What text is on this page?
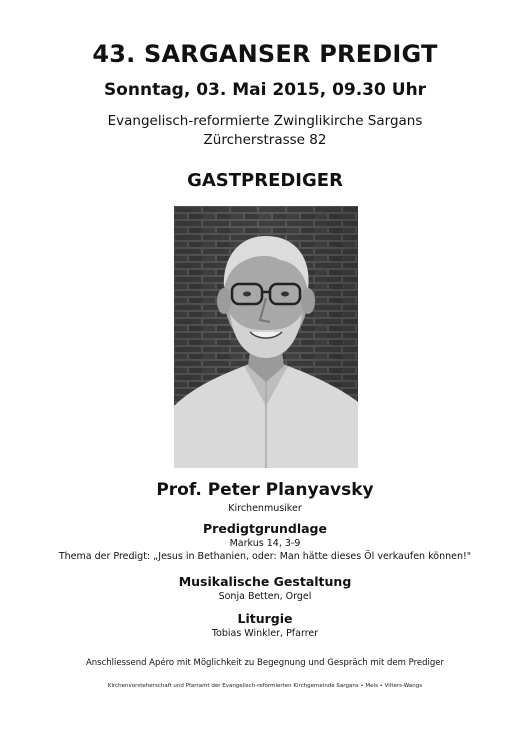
43. SARGANSER PREDIGT
Sonntag, 03. Mai 2015, 09.30 Uhr
Evangelisch-reformierte Zwinglikirche Sargans
Zürcherstrasse 82
GASTPREDIGER
Prof. Peter Planyavsky
Kirchenmusiker
Predigtgrundlage
Markus 14, 3-9
Thema der Predigt: „Jesus in Bethanien, oder: Man hätte dieses Öl verkaufen können!"
Musikalische Gestaltung
Sonja Betten, Orgel
Liturgie
Tobias Winkler, Pfarrer
Anschliessend Apéro mit Möglichkeit zu Begegnung und Gespräch mit dem Prediger
Kirchenvorsteherschaft und Pfarramt der Evangelisch-reformierten Kirchgemeinde Sargans • Mels • Vilters-Wangs
